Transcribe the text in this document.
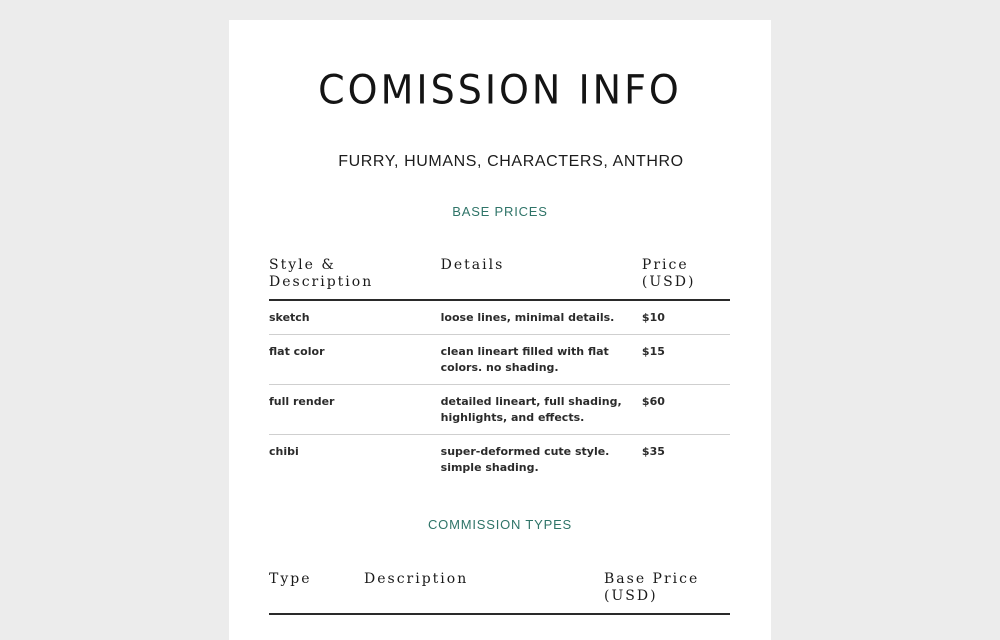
COMISSION INFO

FURRY, HUMANS, CHARACTERS, ANTHRO

BASE PRICES

Style & Description	Details	Price (USD)
sketch	loose lines, minimal details.	$10
flat color	clean lineart filled with flat colors. no shading.	$15
full render	detailed lineart, full shading, highlights, and effects.	$60
chibi	super-deformed cute style. simple shading.	$35

COMMISSION TYPES

Type	Description	Base Price (USD)
